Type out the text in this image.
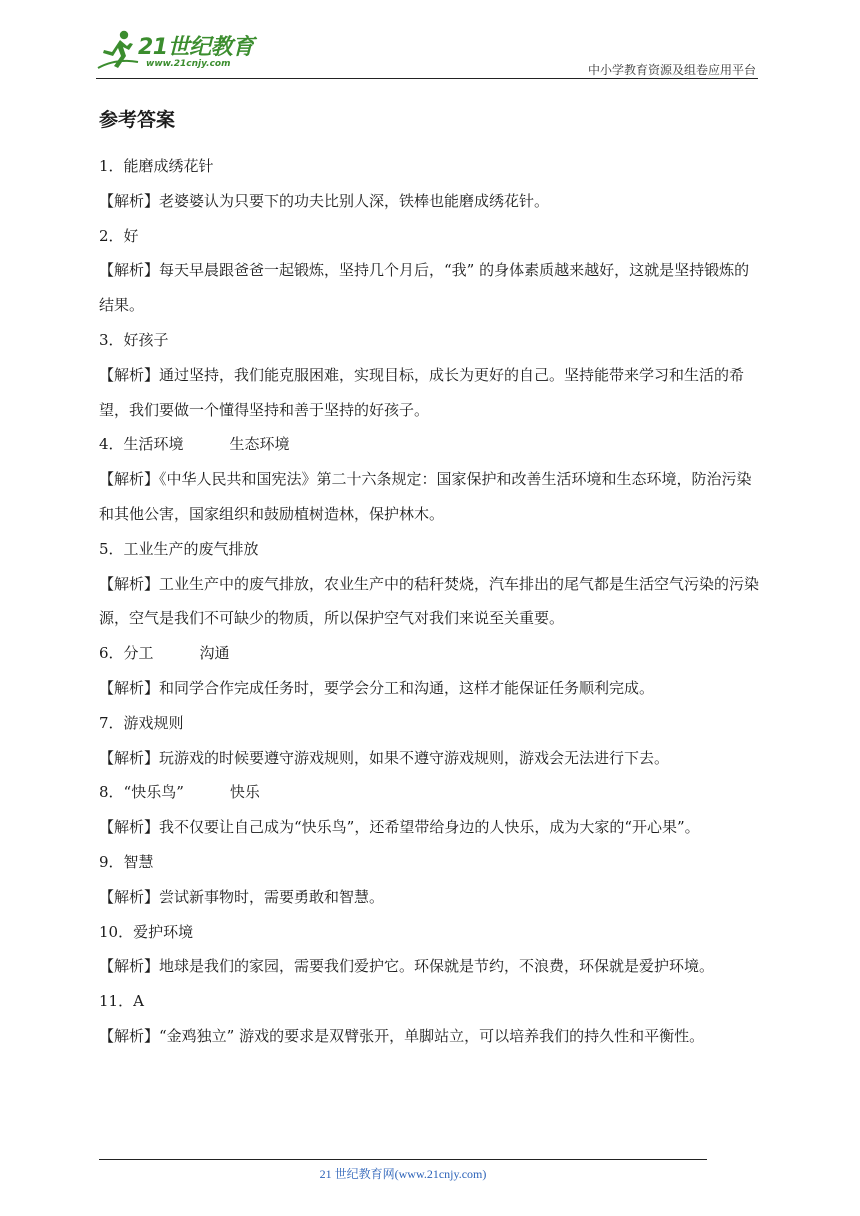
21世纪教育
www.21cnjy.com	中小学教育资源及组卷应用平台
参考答案
1．能磨成绣花针
【解析】老婆婆认为只要下的功夫比别人深，铁棒也能磨成绣花针。
2．好
【解析】每天早晨跟爸爸一起锻炼，坚持几个月后，“我” 的身体素质越来越好，这就是坚持锻炼的结果。
3．好孩子
【解析】通过坚持，我们能克服困难，实现目标，成长为更好的自己。坚持能带来学习和生活的希望，我们要做一个懂得坚持和善于坚持的好孩子。
4．生活环境	生态环境
【解析】《中华人民共和国宪法》第二十六条规定：国家保护和改善生活环境和生态环境，防治污染和其他公害，国家组织和鼓励植树造林，保护林木。
5．工业生产的废气排放
【解析】工业生产中的废气排放，农业生产中的秸秆焚烧，汽车排出的尾气都是生活空气污染的污染源，空气是我们不可缺少的物质，所以保护空气对我们来说至关重要。
6．分工	沟通
【解析】和同学合作完成任务时，要学会分工和沟通，这样才能保证任务顺利完成。
7．游戏规则
【解析】玩游戏的时候要遵守游戏规则，如果不遵守游戏规则，游戏会无法进行下去。
8．“快乐鸟”	快乐
【解析】我不仅要让自己成为“快乐鸟”，还希望带给身边的人快乐，成为大家的“开心果”。
9．智慧
【解析】尝试新事物时，需要勇敢和智慧。
10．爱护环境
【解析】地球是我们的家园，需要我们爱护它。环保就是节约，不浪费，环保就是爱护环境。
11．A
【解析】“金鸡独立” 游戏的要求是双臂张开，单脚站立，可以培养我们的持久性和平衡性。
21 世纪教育网(www.21cnjy.com)
